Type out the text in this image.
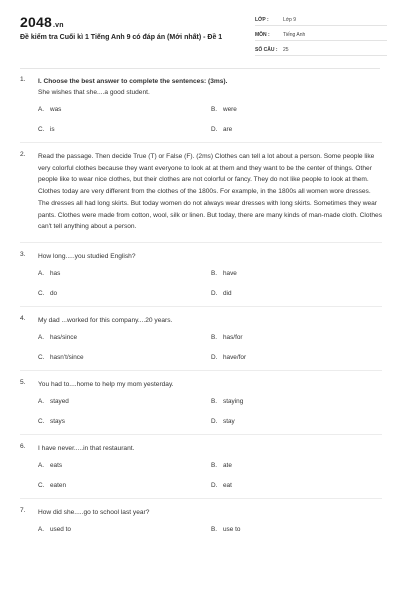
2048.vn
Đề kiểm tra Cuối kì 1 Tiếng Anh 9 có đáp án (Mới nhất) - Đề 1
LỚP :	Lớp 9
MÔN :	Tiếng Anh
SỐ CÂU :	25
1. I. Choose the best answer to complete the sentences: (3ms).
She wishes that she....a good student.
A. was	B. were
C. is	D. are
2. Read the passage. Then decide True (T) or False (F). (2ms) Clothes can tell a lot about a person. Some people like very colorful clothes because they want everyone to look at at them and they want to be the center of things. Other people like to wear nice clothes, but their clothes are not colorful or fancy. They do not like people to look at them. Clothes today are very different from the clothes of the 1800s. For example, in the 1800s all women wore dresses. The dresses all had long skirts. But today women do not always wear dresses with long skirts. Sometimes they wear pants. Clothes were made from cotton, wool, silk or linen. But today, there are many kinds of man-made cloth. Clothes can't tell anything about a person.
3. How long.....you studied English?
A. has	B. have
C. do	D. did
4. My dad ...worked for this company....20 years.
A. has/since	B. has/for
C. hasn't/since	D. have/for
5. You had to....home to help my mom yesterday.
A. stayed	B. staying
C. stays	D. stay
6. I have never.....in that restaurant.
A. eats	B. ate
C. eaten	D. eat
7. How did she.....go to school last year?
A. used to	B. use to
